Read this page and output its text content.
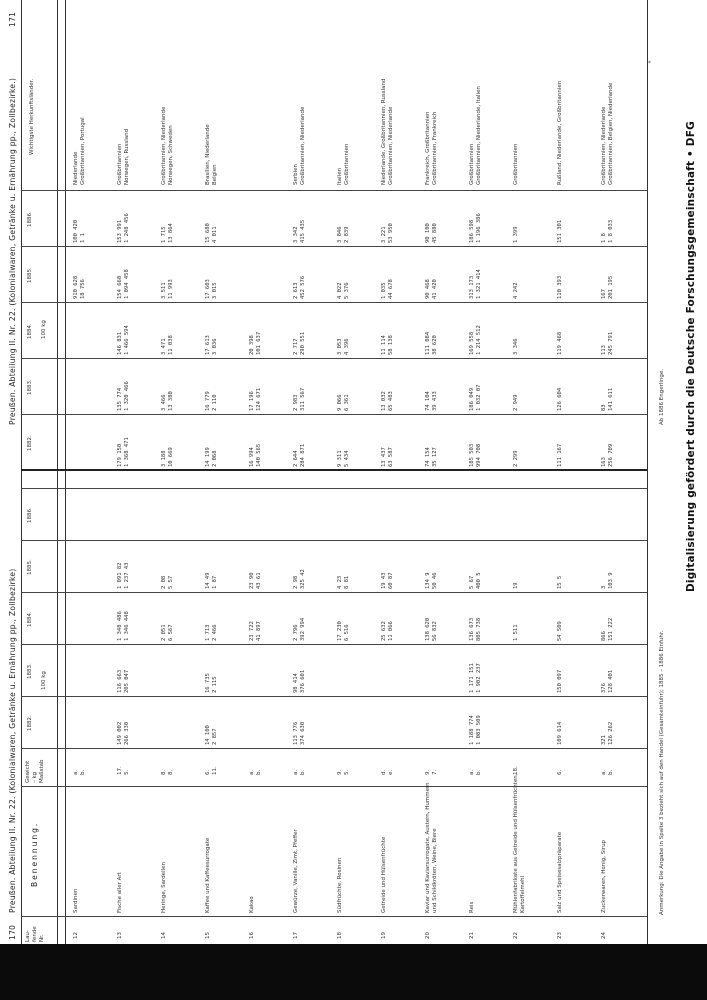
170
Preußen. Abteilung II. Nr. 22. (Kolonialwaren, Getränke u. Ernährung pp., Zollbezirke)
Preußen. Abteilung II. Nr. 22. (Kolonialwaren, Getränke u. Ernährung pp., Zollbezirke.)
171
Lau-
fende
Nr.
Benennung.
Gewicht
– kg
Maßstab
100 kg
100 kg
Wichtigste Herkunftsländer.
1882.
1883.
1884.
1885.
1886.
1882.
1883.
1884.
1885.
1886.
12
Sardinen
a.
b.
910 628
18 756
100 420
1 1
Niederlande
Großbritannien, Portugal
13
Fische aller Art
17.
5.
149 002
266 330
116 663
205 047
1 348 486
1 346 448
1 091 82
1 237 43
179 150
1 368 471
135 774
1 320 466
146 831
1 466 594
154 660
1 094 458
153 991
1 248 456
Großbritannien
Norwegen, Russland
14
Heringe, Sardellen
8.
8.
2 051
6 567
2 08
5 57
3 188
10 669
3 466
13 380
3 471
11 038
3 511
11 993
1 715
13 864
Großbritannien, Niederlande
Norwegen, Schweden
15
Kaffee und Kaffeesurrogate
6.
11.
14 100
2 857
16 735
2 115
1 713
2 466
14 49
1 87
14 199
2 068
16 779
2 110
17 613
3 036
17 603
3 015
15 680
4 011
Brasilien, Niederlande
Belgien
16
Kakao
a.
b.
23 722
41 897
23 90
43 61
16 994
140 565
17 196
124 671
20 398
101 637
17
Gewürze, Vanille, Zimt, Pfeffer
a.
b.
113 776
374 630
98 414
376 601
2 796
392 994
2 98
325 42
2 644
284 871
2 983
311 567
2 717
290 551
2 613
452 576
3 342
415 435
Serbien
Großbritannien, Niederlande
18
Südfrüchte, Rosinen
9.
5.
17 230
6 516
4 23
8 81
9 311
5 434
9 066
6 361
3 053
4 396
4 022
5 376
3 846
2 839
Italien
Großbritannien
19
Getreide und Hülsenfrüchte
d.
e.
25 632
11 066
19 43
60 87
13 437
63 587
13 032
65 483
11 114
58 138
1 035
44 678
3 221
53 950
Niederlande, Großbritannien, Russland
Großbritannien, Niederlande
20
Kaviar und Kaviarsurrogate, Austern, Hummern
und Schildkröten, Weine, Biere
9.
7.
138 620
56 832
134 9
50 46
74 154
35 127
74 104
39 433
111 084
38 620
90 468
41 420
90 100
45 880
Frankreich, Großbritannien
Großbritannien, Frankreich
21
Reis
a.
b.
1 188 774
1 083 509
1 171 151
1 902 237
136 673
805 738
5 67
400 5
185 503
994 708
186 049
1 032 07
169 558
1 214 512
313 173
1 321 414
186 598
1 196 386
Großbritannien
Großbritannien, Niederlande, Italien
22
Mühlenfabrikate aus Getreide und Hülsenfrüchten,
Kartoffelmehl
18.
1 511
19
2 299
2 949
3 346
4 242
1 399
Großbritannien
23
Salz und Speisesalzpräparate
6.
109 614
150 097
54 509
15 5
111 167
126 604
119 468
110 393
151 301
Rußland, Niederlande, Großbritannien
24
Zuckerwaren, Honig, Sirup
a.
b.
321
126 262
376
128 401
866
151 222
3
103 9
163
256 709
83
141 611
113
245 791
167
201 195
1 8
1 8 033
Großbritannien, Niederlande
Großbritannien, Belgien, Niederlande
Anmerkung: Die Angabe in Spalte 3 bezieht sich auf den Handel (Gesamteinfuhr); 1885 – 1886 Einfuhr.
Ab 1886 Engerlinge.
*
Digitalisierung gefördert durch die Deutsche Forschungsgemeinschaft • DFG
